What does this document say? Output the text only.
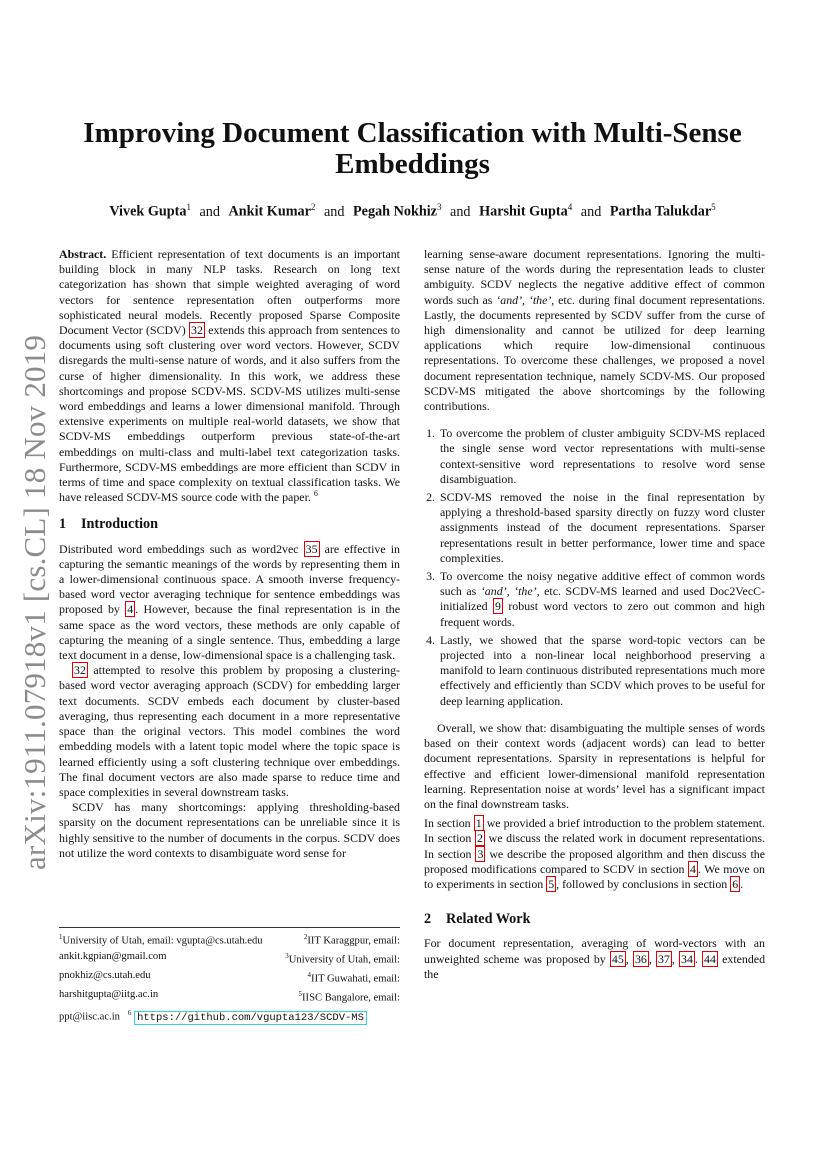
arXiv:1911.07918v1 [cs.CL] 18 Nov 2019
Improving Document Classification with Multi-Sense Embeddings
Vivek Gupta$^1$ and Ankit Kumar$^2$ and Pegah Nokhiz$^3$ and Harshit Gupta$^4$ and Partha Talukdar$^5$

Abstract. Efficient representation of text documents is an important building block in many NLP tasks. Research on long text categorization has shown that simple weighted averaging of word vectors for sentence representation often outperforms more sophisticated neural models. Recently proposed Sparse Composite Document Vector (SCDV) 32 extends this approach from sentences to documents using soft clustering over word vectors. However, SCDV disregards the multi-sense nature of words, and it also suffers from the curse of higher dimensionality. In this work, we address these shortcomings and propose SCDV-MS. SCDV-MS utilizes multi-sense word embeddings and learns a lower dimensional manifold. Through extensive experiments on multiple real-world datasets, we show that SCDV-MS embeddings outperform previous state-of-the-art embeddings on multi-class and multi-label text categorization tasks. Furthermore, SCDV-MS embeddings are more efficient than SCDV in terms of time and space complexity on textual classification tasks. We have released SCDV-MS source code with the paper. $^6$

1 Introduction

Distributed word embeddings such as word2vec 35 are effective in capturing the semantic meanings of the words by representing them in a lower-dimensional continuous space. A smooth inverse frequency-based word vector averaging technique for sentence embeddings was proposed by 4 . However, because the final representation is in the same space as the word vectors, these methods are only capable of capturing the meaning of a single sentence. Thus, embedding a large text document in a dense, low-dimensional space is a challenging task.

32 attempted to resolve this problem by proposing a clustering-based word vector averaging approach (SCDV) for embedding larger text documents. SCDV embeds each document by cluster-based averaging, thus representing each document in a more representative space than the original vectors. This model combines the word embedding models with a latent topic model where the topic space is learned efficiently using a soft clustering technique over embeddings. The final document vectors are also made sparse to reduce time and space complexities in several downstream tasks.

SCDV has many shortcomings: applying thresholding-based sparsity on the document representations can be unreliable since it is highly sensitive to the number of documents in the corpus. SCDV does not utilize the word contexts to disambiguate word sense for

$^1$University of Utah, email: vgupta@cs.utah.edu	$^2$IIT Karaggpur, email:
ankit.kgpian@gmail.com	$^3$University of Utah, email:
pnokhiz@cs.utah.edu	$^4$IIT Guwahati, email:
harshitgupta@iitg.ac.in	$^5$IISC Bangalore, email:
ppt@iisc.ac.in $^6$ https://github.com/vgupta123/SCDV-MS

learning sense-aware document representations. Ignoring the multi-sense nature of the words during the representation leads to cluster ambiguity. SCDV neglects the negative additive effect of common words such as ‘and’, ‘the’, etc. during final document representations. Lastly, the documents represented by SCDV suffer from the curse of high dimensionality and cannot be utilized for deep learning applications which require low-dimensional continuous representations. To overcome these challenges, we proposed a novel document representation technique, namely SCDV-MS. Our proposed SCDV-MS mitigated the above shortcomings by the following contributions.

1. To overcome the problem of cluster ambiguity SCDV-MS replaced the single sense word vector representations with multi-sense context-sensitive word representations to resolve word sense disambiguation.
2. SCDV-MS removed the noise in the final representation by applying a threshold-based sparsity directly on fuzzy word cluster assignments instead of the document representations. Sparser representations result in better performance, lower time and space complexities.
3. To overcome the noisy negative additive effect of common words such as ‘and’, ‘the’, etc. SCDV-MS learned and used Doc2VecC-initialized 9 robust word vectors to zero out common and high frequent words.
4. Lastly, we showed that the sparse word-topic vectors can be projected into a non-linear local neighborhood preserving a manifold to learn continuous distributed representations much more effectively and efficiently than SCDV which proves to be useful for deep learning application.

Overall, we show that: disambiguating the multiple senses of words based on their context words (adjacent words) can lead to better document representations. Sparsity in representations is helpful for effective and efficient lower-dimensional manifold representation learning. Representation noise at words’ level has a significant impact on the final downstream tasks.

In section 1 we provided a brief introduction to the problem statement. In section 2 we discuss the related work in document representations. In section 3 we describe the proposed algorithm and then discuss the proposed modifications compared to SCDV in section 4 . We move on to experiments in section 5 , followed by conclusions in section 6 .

2 Related Work

For document representation, averaging of word-vectors with an unweighted scheme was proposed by 45 , 36 , 37 , 34 . 44 extended the
